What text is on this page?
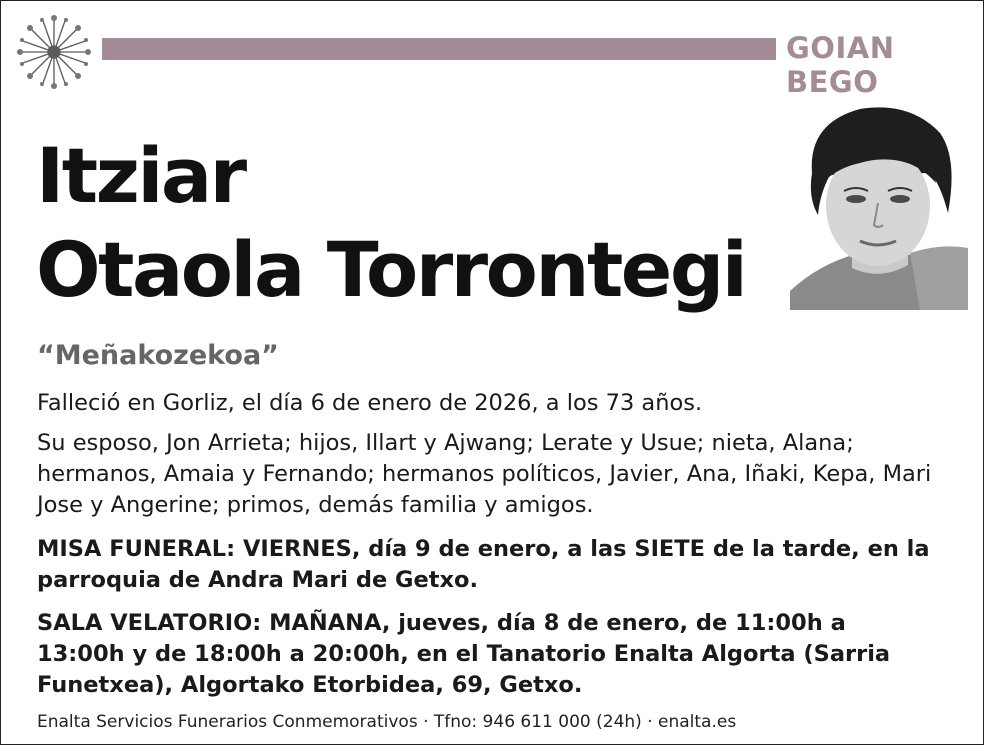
GOIAN BEGO
Itziar
Otaola Torrontegi
“Meñakozekoa”
Falleció en Gorliz, el día 6 de enero de 2026, a los 73 años.
Su esposo, Jon Arrieta; hijos, Illart y Ajwang; Lerate y Usue; nieta, Alana; hermanos, Amaia y Fernando; hermanos políticos, Javier, Ana, Iñaki, Kepa, Mari Jose y Angerine; primos, demás familia y amigos.
MISA FUNERAL: VIERNES, día 9 de enero, a las SIETE de la tarde, en la parroquia de Andra Mari de Getxo.
SALA VELATORIO: MAÑANA, jueves, día 8 de enero, de 11:00h a 13:00h y de 18:00h a 20:00h, en el Tanatorio Enalta Algorta (Sarria Funetxea), Algortako Etorbidea, 69, Getxo.
Enalta Servicios Funerarios Conmemorativos · Tfno: 946 611 000 (24h) · enalta.es
